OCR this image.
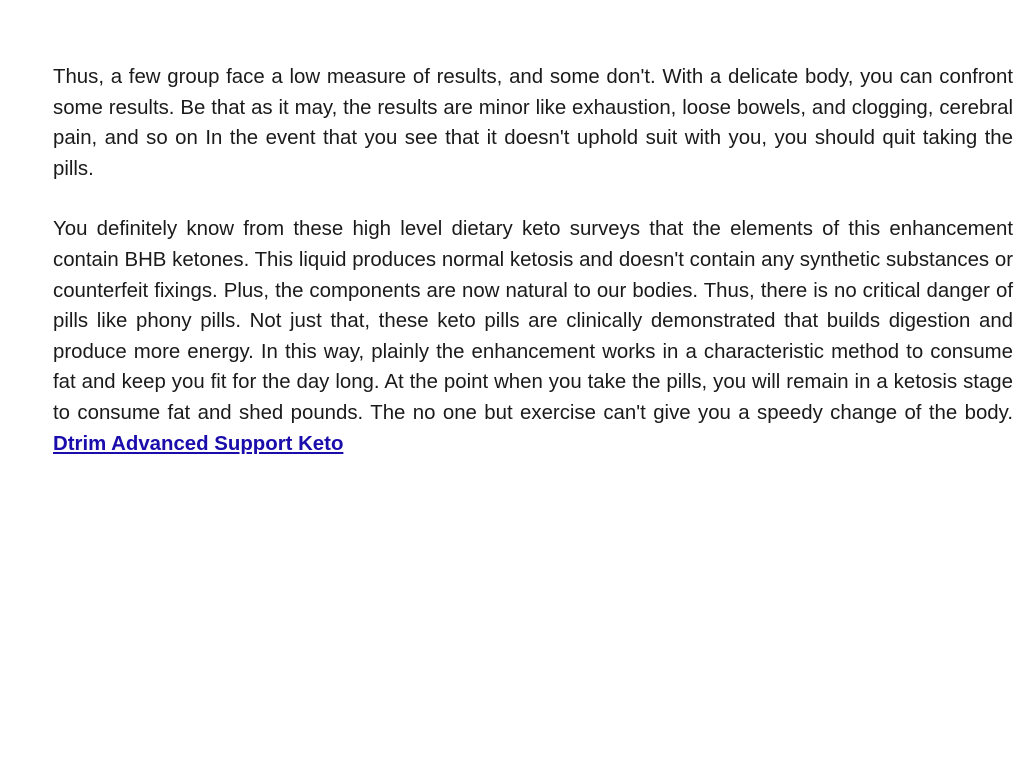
Thus, a few group face a low measure of results, and some don't. With a delicate body, you can confront some results. Be that as it may, the results are minor like exhaustion, loose bowels, and clogging, cerebral pain, and so on In the event that you see that it doesn't uphold suit with you, you should quit taking the pills.

You definitely know from these high level dietary keto surveys that the elements of this enhancement contain BHB ketones. This liquid produces normal ketosis and doesn't contain any synthetic substances or counterfeit fixings. Plus, the components are now natural to our bodies. Thus, there is no critical danger of pills like phony pills. Not just that, these keto pills are clinically demonstrated that builds digestion and produce more energy. In this way, plainly the enhancement works in a characteristic method to consume fat and keep you fit for the day long. At the point when you take the pills, you will remain in a ketosis stage to consume fat and shed pounds. The no one but exercise can't give you a speedy change of the body. Dtrim Advanced Support Keto
